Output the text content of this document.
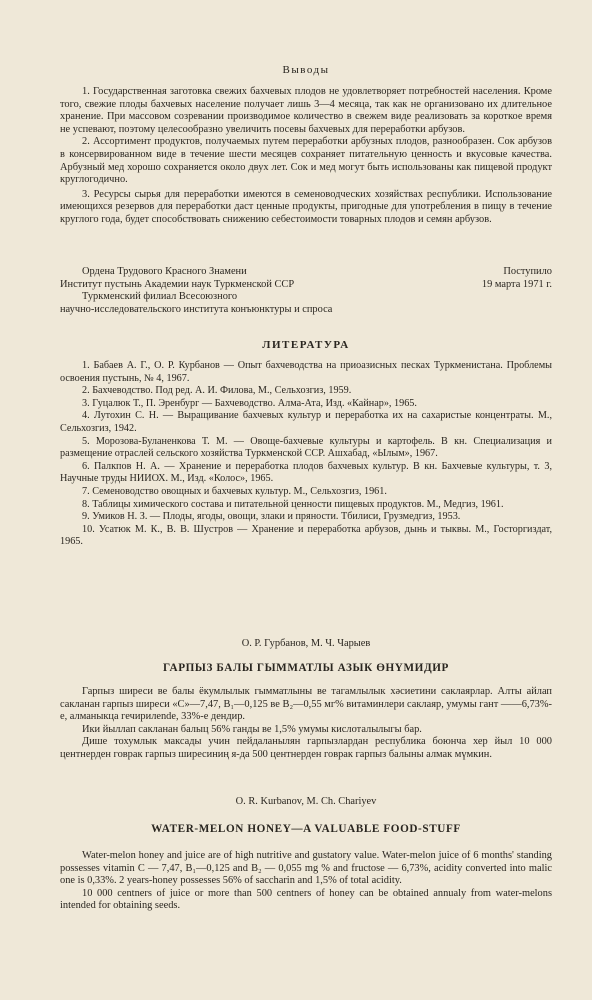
Выводы

1. Государственная заготовка свежих бахчевых плодов не удовлетворяет потребностей населения. Кроме того, свежие плоды бахчевых население получает лишь 3—4 месяца, так как не организовано их длительное хранение. При массовом созревании производимое количество в свежем виде реализовать за короткое время не успевают, поэтому целесообразно увеличить посевы бахчевых для переработки арбузов.

2. Ассортимент продуктов, получаемых путем переработки арбузных плодов, разнообразен. Сок арбузов в консервированном виде в течение шести месяцев сохраняет питательную ценность и вкусовые качества. Арбузный мед хорошо сохраняется около двух лет. Сок и мед могут быть использованы как пищевой продукт круглогодично.

3. Ресурсы сырья для переработки имеются в семеноводческих хозяйствах республики. Использование имеющихся резервов для переработки даст ценные продукты, пригодные для употребления в пищу в течение круглого года, будет способствовать снижению себестоимости товарных плодов и семян арбузов.

Ордена Трудового Красного Знамени	Поступило
Институт пустынь Академии наук Туркменской ССР	19 марта 1971 г.
Туркменский филиал Всесоюзного
научно-исследовательского института конъюнктуры и спроса

ЛИТЕРАТУРА

1. Бабаев А. Г., О. Р. Курбанов — Опыт бахчеводства на приоазисных песках Туркменистана. Проблемы освоения пустынь, № 4, 1967.

2. Бахчеводство. Под ред. А. И. Филова, М., Сельхозгиз, 1959.

3. Гуцалюк Т., П. Эренбург — Бахчеводство. Алма-Ата, Изд. «Кайнар», 1965.

4. Лутохин С. Н. — Выращивание бахчевых культур и переработка их на сахаристые концентраты. М., Сельхозгиз, 1942.

5. Морозова-Буланенкова Т. М. — Овоще-бахчевые культуры и картофель. В кн. Специализация и размещение отраслей сельского хозяйства Туркменской ССР. Ашхабад, «Ылым», 1967.

6. Палкпов Н. А. — Хранение и переработка плодов бахчевых культур. В кн. Бахчевые культуры, т. 3, Научные труды НИИОХ. М., Изд. «Колос», 1965.

7. Семеноводство овощных и бахчевых культур. М., Сельхозгиз, 1961.

8. Таблицы химического состава и питательной ценности пищевых продуктов. М., Медгиз, 1961.

9. Умиков Н. З. — Плоды, ягоды, овощи, злаки и пряности. Тбилиси, Грузмедгиз, 1953.

10. Усатюк М. К., В. В. Шустров — Хранение и переработка арбузов, дынь и тыквы. М., Госторгиздат, 1965.

О. Р. Гурбанов, М. Ч. Чарыев

ГАРПЫЗ БАЛЫ ГЫММАТЛЫ АЗЫК ӨНҮМИДИР

Гарпыз ширеси ве балы ёкумлылык гымматлыны ве тагамлылык хәсиетини саклаярлар. Алты айлап сакланан гарпыз ширеси «С»—7,47, B₁—0,125 ве B₂—0,55 мг% витаминлери саклаяр, умумы гант ——6,73%-е, алманыкца гечирилende, 33%-е дендир.

Ики йыллап сакланан балыц 56% ганды ве 1,5% умумы кислоталылыгы бар.

Дише тохумлык максады учин пейдаланылян гарпызлардан республика боюнча хер йыл 10 000 центнерден говрак гарпыз ширесиниң я-да 500 центнерден говрак гарпыз балыны алмак мүмкин.

O. R. Kurbanov, M. Ch. Chariyev

WATER-MELON HONEY—A VALUABLE FOOD-STUFF

Water-melon honey and juice are of high nutritive and gustatory value. Water-melon juice of 6 months' standing possesses vitamin C — 7,47, B₁—0,125 and B₂ — 0,055 mg % and fructose — 6,73%, acidity converted into malic one is 0,33%. 2 years-honey possesses 56% of saccharin and 1,5% of total acidity.

10 000 centners of juice or more than 500 centners of honey can be obtained annualy from water-melons intended for obtaining seeds.
